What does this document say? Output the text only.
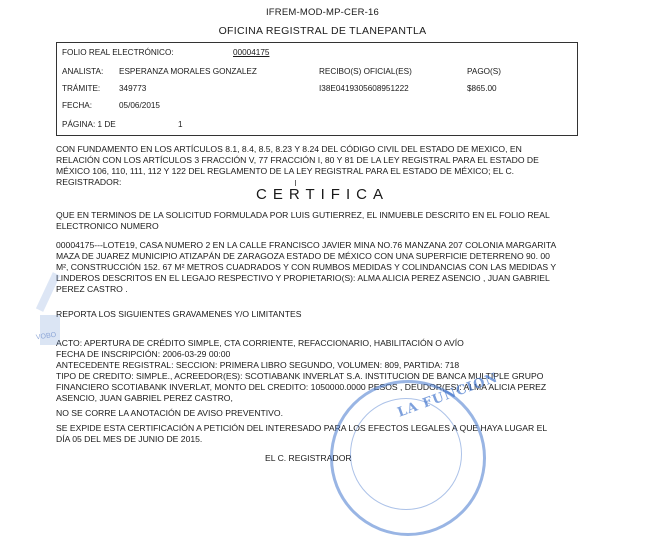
IFREM-MOD-MP-CER-16
OFICINA REGISTRAL DE TLANEPANTLA
FOLIO REAL ELECTRÓNICO:	00004175
ANALISTA: ESPERANZA MORALES GONZALEZ	RECIBO(S) OFICIAL(ES)	PAGO(S)
TRÁMITE: 349773	I38E0419305608951222	$865.00
FECHA:	05/06/2015
PÁGINA: 1 DE	1
CON FUNDAMENTO EN LOS ARTÍCULOS 8.1, 8.4, 8.5, 8.23 Y 8.24 DEL CÓDIGO CIVIL DEL ESTADO DE MEXICO, EN
RELACIÓN CON LOS ARTÍCULOS 3 FRACCIÓN V, 77 FRACCIÓN I, 80 Y 81 DE LA LEY REGISTRAL PARA EL ESTADO DE
MÉXICO 106, 110, 111, 112 Y 122 DEL REGLAMENTO DE LA LEY REGISTRAL PARA EL ESTADO DE MÉXICO; EL C.
REGISTRADOR:
CERTIFICA
QUE EN TERMINOS DE LA SOLICITUD FORMULADA POR LUIS GUTIERREZ, EL INMUEBLE DESCRITO EN EL FOLIO REAL
ELECTRONICO NUMERO
00004175---LOTE19, CASA NUMERO 2 EN LA CALLE FRANCISCO JAVIER MINA NO.76 MANZANA 207 COLONIA MARGARITA
MAZA DE JUAREZ MUNICIPIO ATIZAPÁN DE ZARAGOZA ESTADO DE MÉXICO CON UNA SUPERFICIE DETERRENO 90. 00
M², CONSTRUCCIÓN 152. 67 M² METROS CUADRADOS Y CON RUMBOS MEDIDAS Y COLINDANCIAS CON LAS MEDIDAS Y
LINDEROS DESCRITOS EN EL LEGAJO RESPECTIVO Y PROPIETARIO(S): ALMA ALICIA PEREZ ASENCIO , JUAN GABRIEL
PEREZ CASTRO .
REPORTA LOS SIGUIENTES GRAVAMENES Y/O LIMITANTES
ACTO: APERTURA DE CRÉDITO SIMPLE, CTA CORRIENTE, REFACCIONARIO, HABILITACIÓN O AVÍO
FECHA DE INSCRIPCIÓN: 2006-03-29 00:00
ANTECEDENTE REGISTRAL: SECCION: PRIMERA LIBRO SEGUNDO, VOLUMEN: 809, PARTIDA: 718
TIPO DE CREDITO: SIMPLE., ACREEDOR(ES): SCOTIABANK INVERLAT S.A. INSTITUCION DE BANCA MULTIPLE GRUPO
FINANCIERO SCOTIABANK INVERLAT, MONTO DEL CREDITO: 1050000.0000 PESOS , DEUDOR(ES): ALMA ALICIA PEREZ
ASENCIO, JUAN GABRIEL PEREZ CASTRO,
NO SE CORRE LA ANOTACIÓN DE AVISO PREVENTIVO.
SE EXPIDE ESTA CERTIFICACIÓN A PETICIÓN DEL INTERESADO PARA LOS EFECTOS LEGALES A QUE HAYA LUGAR EL
DÍA 05 DEL MES DE JUNIO DE 2015.
EL C. REGISTRADOR
VOBO
LA FUNCION
